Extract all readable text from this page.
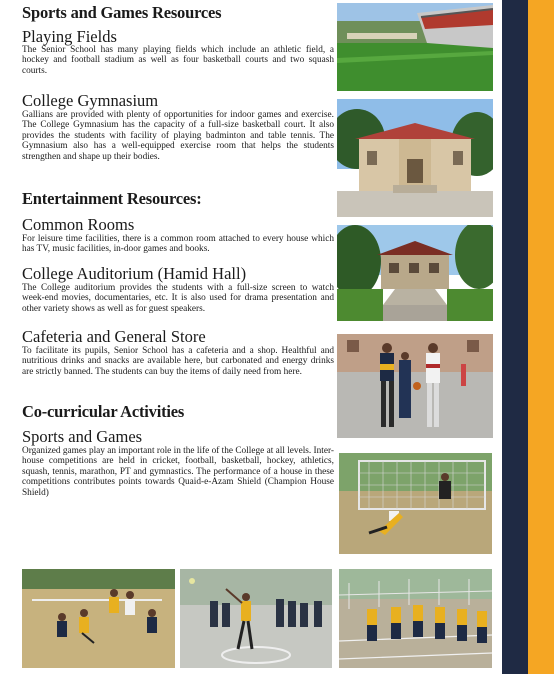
Sports and Games Resources
Playing Fields

The Senior School has many playing fields which include an athletic field, a hockey and football stadium as well as four basketball courts and two squash courts.

College Gymnasium

Gallians are provided with plenty of opportunities for indoor games and exercise. The College Gymnasium has the capacity of a full-size basketball court. It also provides the students with facility of playing badminton and table tennis. The Gymnasium also has a well-equipped exercise room that helps the students strengthen and shape up their bodies.

Entertainment Resources:
Common Rooms

For leisure time facilities, there is a common room attached to every house which has TV, music facilities, in-door games and books.

College Auditorium (Hamid Hall)

The College auditorium provides the students with a full-size screen to watch week-end movies, documentaries, etc. It is also used for drama presentation and other variety shows as well as for guest speakers.

Cafeteria and General Store

To facilitate its pupils, Senior School has a cafeteria and a shop. Healthful and nutritious drinks and snacks are available here, but carbonated and energy drinks are strictly banned. The students can buy the items of daily need from here.

Co-curricular Activities
Sports and Games

Organized games play an important role in the life of the College at all levels. Inter-house competitions are held in cricket, football, basketball, hockey, athletics, squash, tennis, marathon, PT and gymnastics. The performance of a house in these competitions contributes points towards Quaid-e-Azam Shield (Champion House Shield)
